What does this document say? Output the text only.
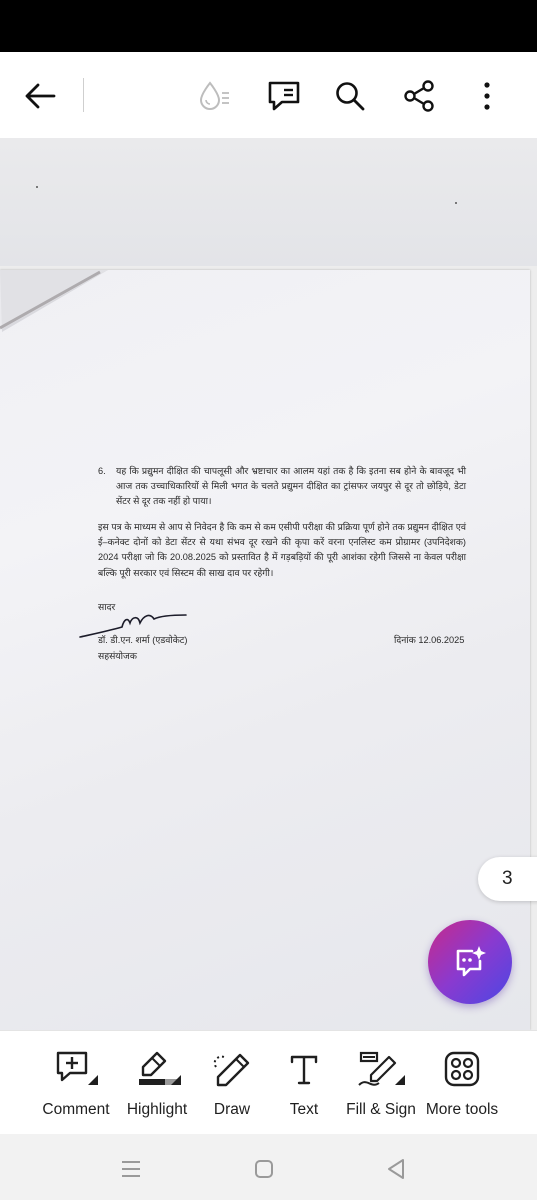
6. यह कि प्रद्युमन दीक्षित की चापलूसी और भ्रष्टाचार का आलम यहां तक है कि इतना सब होने के बावजूद भी आज तक उच्चाधिकारियों से मिली भगत के चलते प्रद्युमन दीक्षित का ट्रांसफर जयपुर से दूर तो छोड़िये, डेटा सेंटर से दूर तक नहीं हो पाया।
इस पत्र के माध्यम से आप से निवेदन है कि कम से कम एसीपी परीक्षा की प्रक्रिया पूर्ण होने तक प्रद्युमन दीक्षित एवं ई–कनेक्ट दोनों को डेटा सेंटर से यथा संभव दूर रखने की कृपा करें वरना एनलिस्ट कम प्रोग्रामर (उपनिदेशक) 2024 परीक्षा जो कि 20.08.2025 को प्रस्तावित है में गड़बड़ियों की पूरी आशंका रहेगी जिससे ना केवल परीक्षा बल्कि पूरी सरकार एवं सिस्टम की साख दाव पर रहेगी।
सादर
डॉ. डी.एन. शर्मा (एडवोकेट)
सहसंयोजक
दिनांक 12.06.2025
3
Comment Highlight Draw	Text Fill & Sign More tools
